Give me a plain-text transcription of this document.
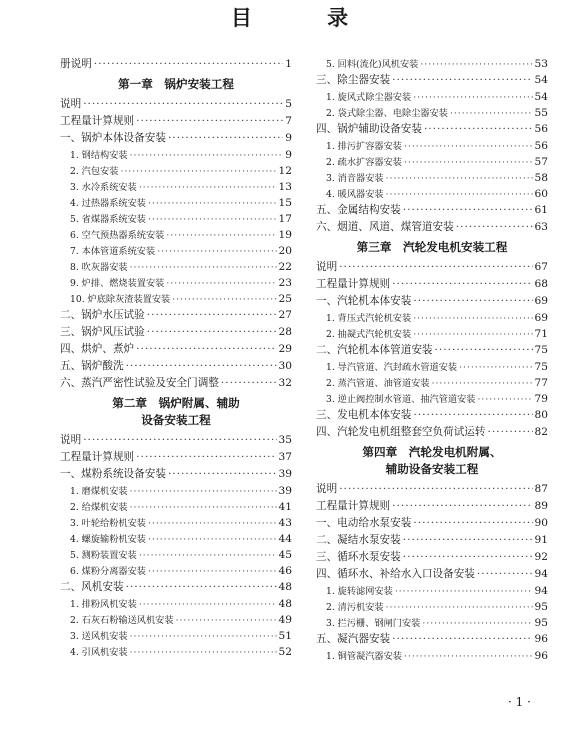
目 录
册说明 ·····	1
第一章　锅炉安装工程
说明 ·····	5
工程量计算规则 ·····	7
一、锅炉本体设备安装 ·····	9
1. 钢结构安装 ·····	9
2. 汽包安装 ·····	12
3. 水冷系统安装 ·····	13
4. 过热器系统安装 ·····	15
5. 省煤器系统安装 ·····	17
6. 空气预热器系统安装 ·····	19
7. 本体管道系统安装 ·····	20
8. 吹灰器安装 ·····	22
9. 炉排、燃烧装置安装 ·····	23
10. 炉底除灰渣装置安装 ·····	25
二、锅炉水压试验 ·····	27
三、锅炉风压试验 ·····	28
四、烘炉、煮炉 ·····	29
五、锅炉酸洗 ·····	30
六、蒸汽严密性试验及安全门调整 ·····	32
第二章　锅炉附属、辅助
设备安装工程
说明 ·····	35
工程量计算规则 ·····	37
一、煤粉系统设备安装 ·····	39
1. 磨煤机安装 ·····	39
2. 给煤机安装 ·····	41
3. 叶轮给粉机安装 ·····	43
4. 螺旋输粉机安装 ·····	44
5. 测粉装置安装 ·····	45
6. 煤粉分离器安装 ·····	46
二、风机安装 ·····	48
1. 排粉风机安装 ·····	48
2. 石灰石粉输送风机安装 ·····	49
3. 送风机安装 ·····	51
4. 引风机安装 ·····	52
5. 回料(流化)风机安装 ·····	53
三、除尘器安装 ·····	54
1. 旋风式除尘器安装 ·····	54
2. 袋式除尘器、电除尘器安装 ·····	55
四、锅炉辅助设备安装 ·····	56
1. 排污扩容器安装 ·····	56
2. 疏水扩容器安装 ·····	57
3. 消音器安装 ·····	58
4. 暖风器安装 ·····	60
五、金属结构安装 ·····	61
六、烟道、风道、煤管道安装 ·····	63
第三章　汽轮发电机安装工程
说明 ·····	67
工程量计算规则 ·····	68
一、汽轮机本体安装 ·····	69
1. 背压式汽轮机安装 ·····	69
2. 抽凝式汽轮机安装 ·····	71
二、汽轮机本体管道安装 ·····	75
1. 导汽管道、汽封疏水管道安装 ·····	75
2. 蒸汽管道、油管道安装 ·····	77
3. 逆止阀控制水管道、抽汽管道安装 ·····	79
三、发电机本体安装 ·····	80
四、汽轮发电机组整套空负荷试运转 ·····	82
第四章　汽轮发电机附属、
辅助设备安装工程
说明 ·····	87
工程量计算规则 ·····	89
一、电动给水泵安装 ·····	90
二、凝结水泵安装 ·····	91
三、循环水泵安装 ·····	92
四、循环水、补给水入口设备安装 ·····	94
1. 旋转滤网安装 ·····	94
2. 清污机安装 ·····	95
3. 拦污栅、钢闸门安装 ·····	95
五、凝汽器安装 ·····	96
1. 铜管凝汽器安装 ·····	96
· 1 ·
